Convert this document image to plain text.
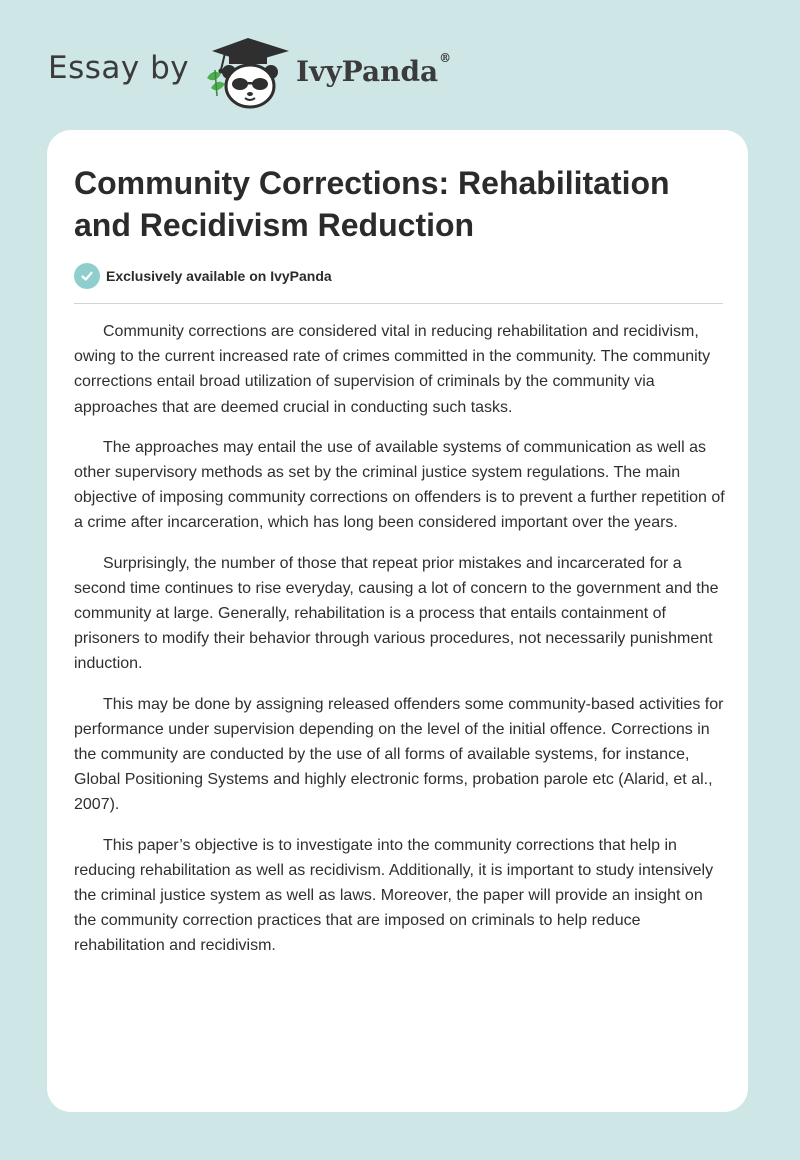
Essay by	IvyPanda®
Community Corrections: Rehabilitation and Recidivism Reduction
Exclusively available on IvyPanda

Community corrections are considered vital in reducing rehabilitation and recidivism, owing to the current increased rate of crimes committed in the community. The community corrections entail broad utilization of supervision of criminals by the community via approaches that are deemed crucial in conducting such tasks.

The approaches may entail the use of available systems of communication as well as other supervisory methods as set by the criminal justice system regulations. The main objective of imposing community corrections on offenders is to prevent a further repetition of a crime after incarceration, which has long been considered important over the years.

Surprisingly, the number of those that repeat prior mistakes and incarcerated for a second time continues to rise everyday, causing a lot of concern to the government and the community at large. Generally, rehabilitation is a process that entails containment of prisoners to modify their behavior through various procedures, not necessarily punishment induction.

This may be done by assigning released offenders some community-based activities for performance under supervision depending on the level of the initial offence. Corrections in the community are conducted by the use of all forms of available systems, for instance, Global Positioning Systems and highly electronic forms, probation parole etc (Alarid, et al., 2007).

This paper’s objective is to investigate into the community corrections that help in reducing rehabilitation as well as recidivism. Additionally, it is important to study intensively the criminal justice system as well as laws. Moreover, the paper will provide an insight on the community correction practices that are imposed on criminals to help reduce rehabilitation and recidivism.
